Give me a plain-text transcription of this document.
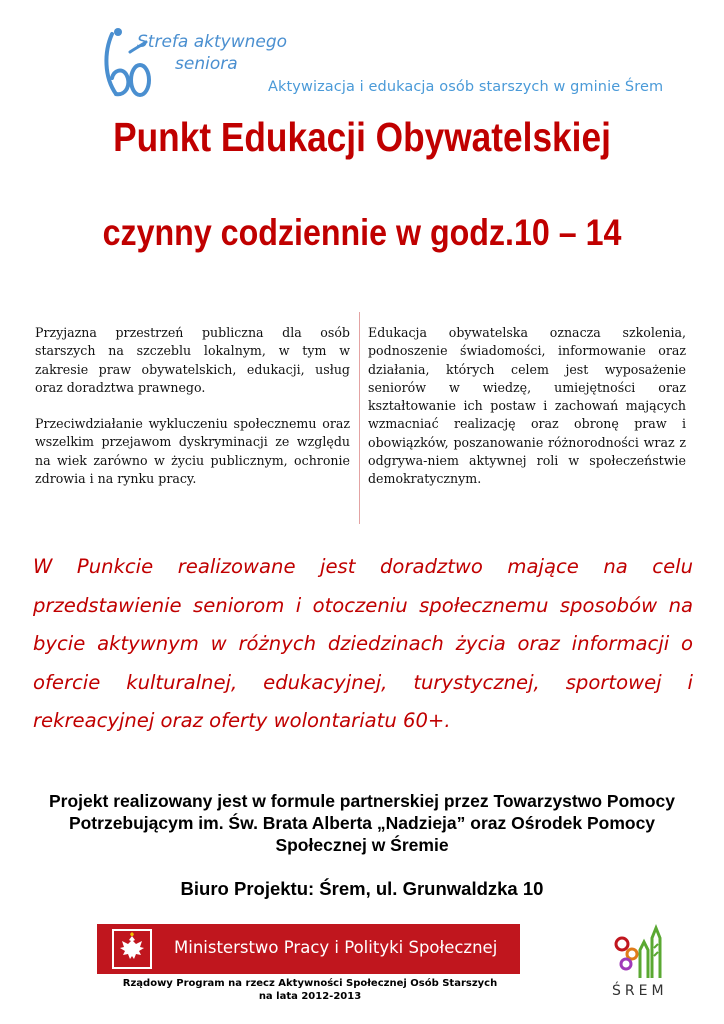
Strefa aktywnego
seniora
Aktywizacja i edukacja osób starszych w gminie Śrem
Punkt Edukacji Obywatelskiej
czynny codziennie w godz.10 – 14

Przyjazna przestrzeń publiczna dla osób starszych na szczeblu lokalnym, w tym w zakresie praw obywatelskich, edukacji, usług oraz doradztwa prawnego.

Przeciwdziałanie wykluczeniu społecznemu oraz wszelkim przejawom dyskryminacji ze względu na wiek zarówno w życiu publicznym, ochronie zdrowia i na rynku pracy.

Edukacja obywatelska oznacza szkolenia, podnoszenie świadomości, informowanie oraz działania, których celem jest wyposażenie seniorów w wiedzę, umiejętności oraz kształtowanie ich postaw i zachowań mających wzmacniać realizację oraz obronę praw i obowiązków, poszanowanie różnorodności wraz z odgrywa-niem aktywnej roli w społeczeństwie demokratycznym.

W Punkcie realizowane jest doradztwo mające na celu przedstawienie seniorom i otoczeniu społecznemu sposobów na bycie aktywnym w różnych dziedzinach życia oraz informacji o ofercie kulturalnej, edukacyjnej, turystycznej, sportowej i rekreacyjnej oraz oferty wolontariatu 60+.
Projekt realizowany jest w formule partnerskiej przez Towarzystwo Pomocy Potrzebującym im. Św. Brata Alberta „Nadzieja” oraz Ośrodek Pomocy Społecznej w Śremie
Biuro Projektu: Śrem, ul. Grunwaldzka 10
Ministerstwo Pracy i Polityki Społecznej
Rządowy Program na rzecz Aktywności Społecznej Osób Starszych
na lata 2012-2013	ŚREM
